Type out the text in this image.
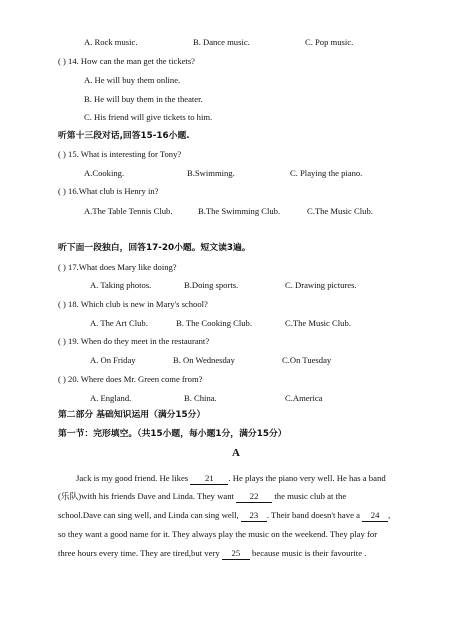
A. Rock music.	B. Dance music.	C. Pop music.
( ) 14. How can the man get the tickets?
A. He will buy them online.
B. He will buy them in the theater.
C. His friend will give tickets to him.
听第十三段对话,回答15-16小题.
( ) 15. What is interesting for Tony?
A.Cooking.	B.Swimming.	C. Playing the piano.
( ) 16.What club is Henry in?
A.The Table Tennis Club.	B.The Swimming Club.	C.The Music Club.
听下面一段独白，回答17-20小题。短文读3遍。
( ) 17.What does Mary like doing?
A. Taking photos.	B.Doing sports.	C. Drawing pictures.
( ) 18. Which club is new in Mary's school?
A. The Art Club.	B. The Cooking Club.	C.The Music Club.
( ) 19. When do they meet in the restaurant?
A. On Friday	B. On Wednesday	C.On Tuesday
( ) 20. Where does Mr. Green come from?
A. England.	B. China.	C.America
第二部分 基础知识运用（满分15分）
第一节：完形填空。（共15小题，每小题1分，满分15分）
A
Jack is my good friend. He likes 21 . He plays the piano very well. He has a band
(乐队)with his friends Dave and Linda. They want 22 the music club at the
school.Dave can sing well, and Linda can sing well, 23 . Their band doesn't have a 24 ,
so they want a good name for it. They always play the music on the weekend. They play for
three hours every time. They are tired,but very 25 because music is their favourite .
